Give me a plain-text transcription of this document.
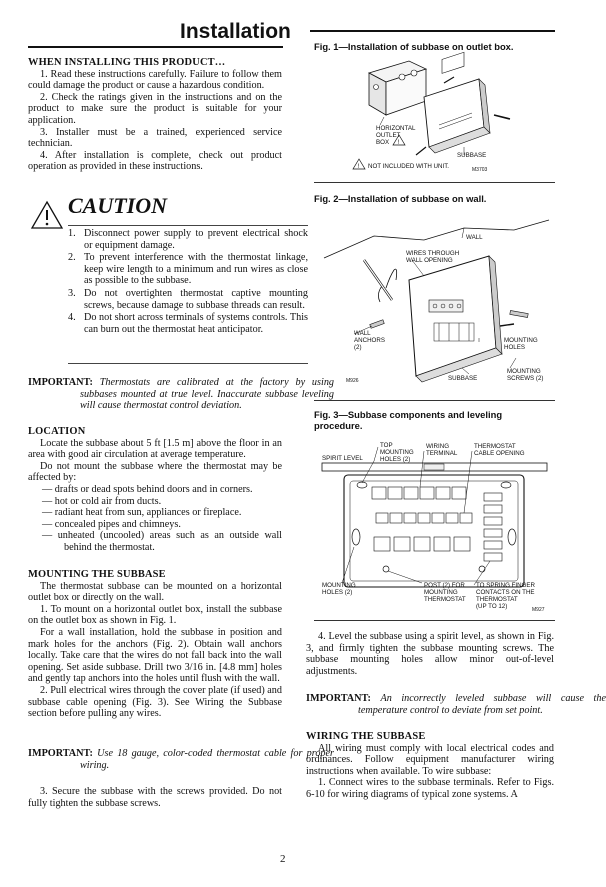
Installation

WHEN INSTALLING THIS PRODUCT…

1. Read these instructions carefully. Failure to follow them could damage the product or cause a hazardous condition.

2. Check the ratings given in the instructions and on the product to make sure the product is suitable for your application.

3. Installer must be a trained, experienced service technician.

4. After installation is complete, check out product operation as provided in these instructions.

CAUTION
1. Disconnect power supply to prevent electrical shock or equipment damage.
2. To prevent interference with the thermostat linkage, keep wire length to a minimum and run wires as close as possible to the subbase.
3. Do not overtighten thermostat captive mounting screws, because damage to subbase threads can result.
4. Do not short across terminals of systems controls. This can burn out the thermostat heat anticipator.
IMPORTANT: Thermostats are calibrated at the factory by using subbases mounted at true level. Inaccurate subbase leveling will cause thermostat control deviation.

LOCATION

Locate the subbase about 5 ft [1.5 m] above the floor in an area with good air circulation at average temperature.

Do not mount the subbase where the thermostat may be affected by:

— drafts or dead spots behind doors and in corners.
— hot or cold air from ducts.
— radiant heat from sun, appliances or fireplace.
— concealed pipes and chimneys.
— unheated (uncooled) areas such as an outside wall behind the thermostat.

MOUNTING THE SUBBASE

The thermostat subbase can be mounted on a horizontal outlet box or directly on the wall.

1. To mount on a horizontal outlet box, install the subbase on the outlet box as shown in Fig. 1.

For a wall installation, hold the subbase in position and mark holes for the anchors (Fig. 2). Obtain wall anchors locally. Take care that the wires do not fall back into the wall opening. Set aside subbase. Drill two 3/16 in. [4.8 mm] holes and gently tap anchors into the holes until flush with the wall.

2. Pull electrical wires through the cover plate (if used) and subbase cable opening (Fig. 3). See Wiring the Subbase section before pulling any wires.

IMPORTANT: Use 18 gauge, color-coded thermostat cable for proper wiring.

3. Secure the subbase with the screws provided. Do not fully tighten the subbase screws.

Fig. 1—Installation of subbase on outlet box.
HORIZONTAL
OUTLET
BOX !
SUBBASE
! NOT INCLUDED WITH UNIT.	M3703
Fig. 2—Installation of subbase on wall.
WALL
WIRES THROUGH
WALL OPENING
WALL
ANCHORS
(2)
MOUNTING
HOLES
MOUNTING
SCREWS (2)
SUBBASE
M926
Fig. 3—Subbase components and leveling
procedure.
SPIRIT LEVEL
TOP
MOUNTING
HOLES (2)
WIRING
TERMINAL
THERMOSTAT
CABLE OPENING
MOUNTING
HOLES (2)
POST (2) FOR
MOUNTING
THERMOSTAT
TO SPRING FINGER
CONTACTS ON THE
THERMOSTAT
(UP TO 12)	M927

4. Level the subbase using a spirit level, as shown in Fig. 3, and firmly tighten the subbase mounting screws. The subbase mounting holes allow minor out-of-level adjustments.

IMPORTANT: An incorrectly leveled subbase will cause the temperature control to deviate from set point.

WIRING THE SUBBASE

All wiring must comply with local electrical codes and ordinances. Follow equipment manufacturer wiring instructions when available. To wire subbase:

1. Connect wires to the subbase terminals. Refer to Figs. 6-10 for wiring diagrams of typical zone systems. A

2
